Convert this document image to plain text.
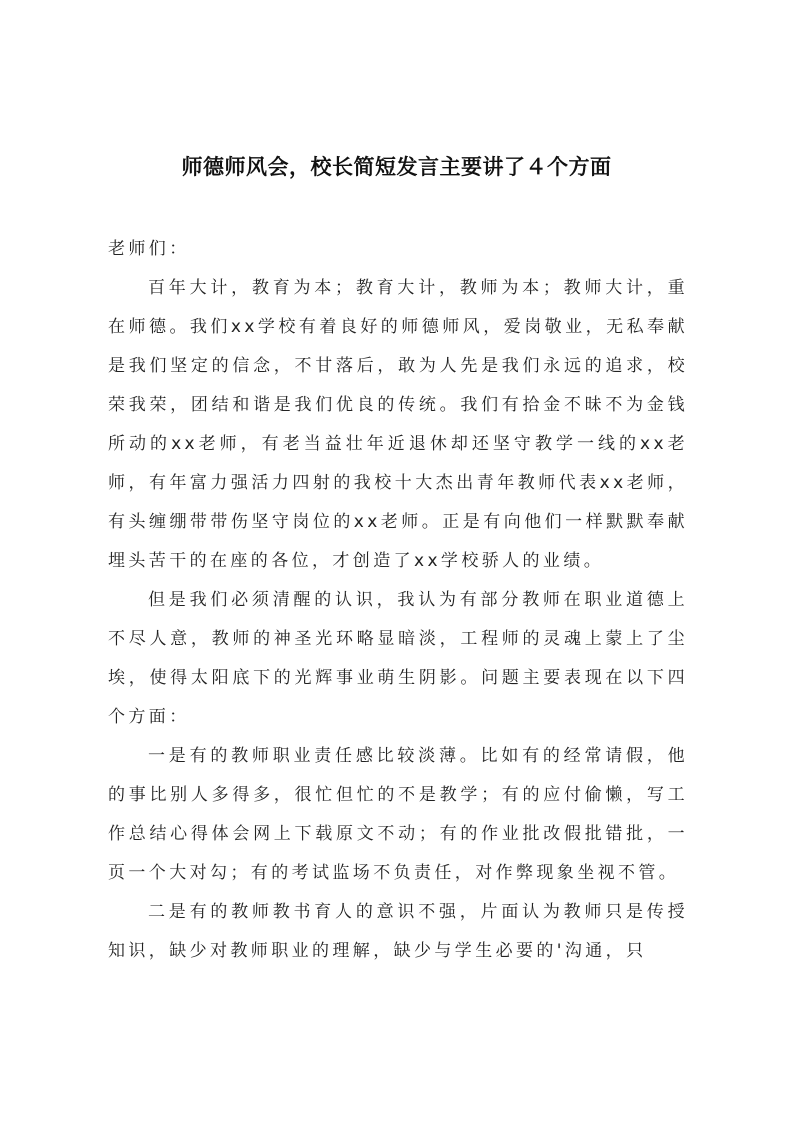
师德师风会，校长简短发言主要讲了４个方面

老师们：

百年大计，教育为本；教育大计，教师为本；教师大计，重在师德。我们xx学校有着良好的师德师风，爱岗敬业，无私奉献是我们坚定的信念，不甘落后，敢为人先是我们永远的追求，校荣我荣，团结和谐是我们优良的传统。我们有拾金不昧不为金钱所动的xx老师，有老当益壮年近退休却还坚守教学一线的xx老师，有年富力强活力四射的我校十大杰出青年教师代表xx老师，有头缠绷带带伤坚守岗位的xx老师。正是有向他们一样默默奉献埋头苦干的在座的各位，才创造了xx学校骄人的业绩。

但是我们必须清醒的认识，我认为有部分教师在职业道德上不尽人意，教师的神圣光环略显暗淡，工程师的灵魂上蒙上了尘埃，使得太阳底下的光辉事业萌生阴影。问题主要表现在以下四个方面：

一是有的教师职业责任感比较淡薄。比如有的经常请假，他的事比别人多得多，很忙但忙的不是教学；有的应付偷懒，写工作总结心得体会网上下载原文不动；有的作业批改假批错批，一页一个大对勾；有的考试监场不负责任，对作弊现象坐视不管。

二是有的教师教书育人的意识不强，片面认为教师只是传授知识，缺少对教师职业的理解，缺少与学生必要的'沟通，只
